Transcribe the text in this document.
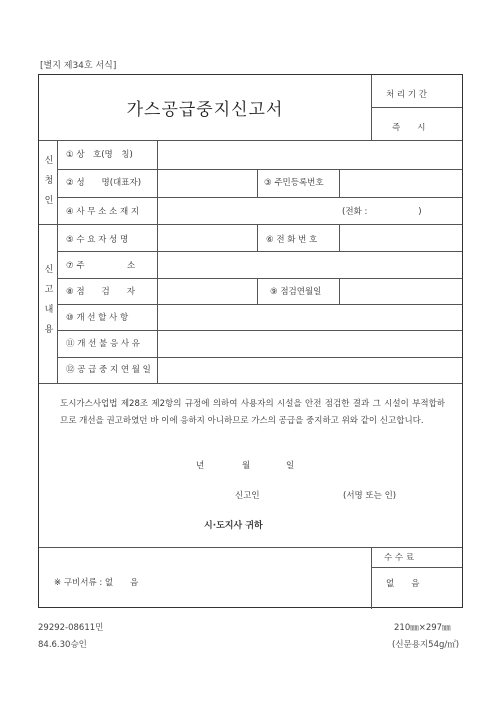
[별지 제34호 서식]
가스공급중지신고서
처 리 기 간
즉　　시
신청인
신고내용
① 상　호(명　칭)
② 성　　명(대표자)	③ 주민등록번호
④ 사 무 소 소 재 지	(전화 :　　　　　　)
⑤ 수 요 자 성 명	⑥ 전 화 번 호
⑦ 주　　　　　소
⑧ 점　　검　　자	⑨ 점검연월일
⑩ 개 선 할 사 항
⑪ 개 선 불 응 사 유
⑫ 공 급 중 지 연 월 일
도시가스사업법 제28조 제2항의 규정에 의하여 사용자의 시설을 안전 점검한 결과 그 시설이 부적합하므로 개선을 권고하였던 바 이에 응하지 아니하므로 가스의 공급을 중지하고 위와 같이 신고합니다.
년	월	일
신고인	(서명 또는 인)
시·도지사 귀하
※ 구비서류 : 없　　음
수 수 료
없　　음
29292-08611민
84.6.30승인
210㎜×297㎜
(신문용지54g/㎡)
